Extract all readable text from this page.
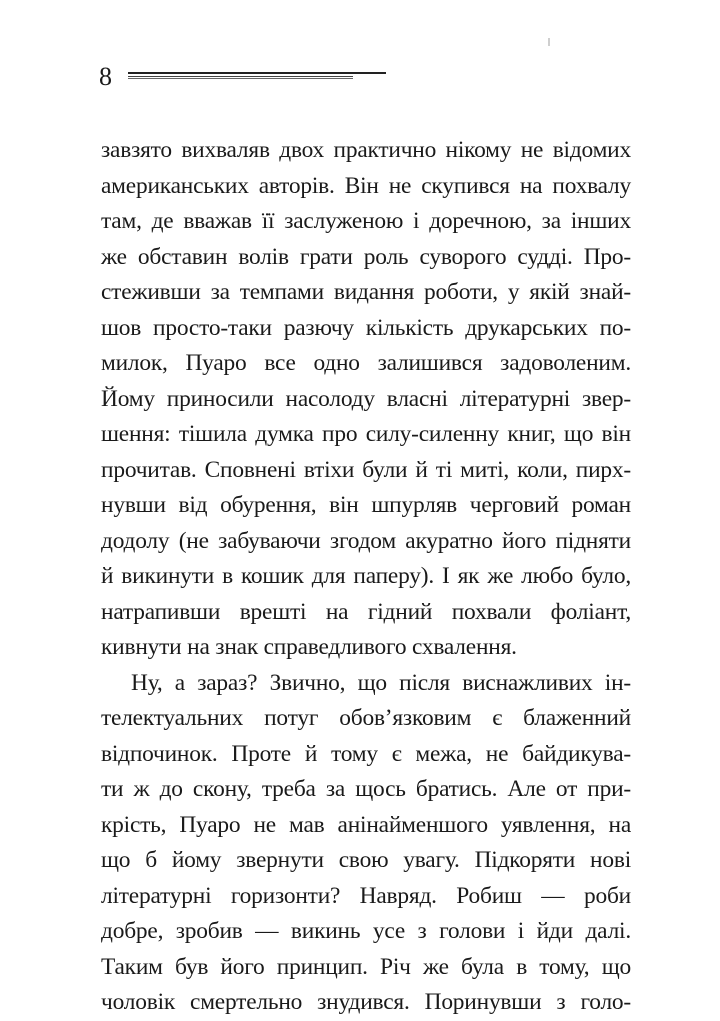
8
завзято вихваляв двох практично нікому не відомих
американських авторів. Він не скупився на похвалу
там, де вважав її заслуженою і доречною, за інших
же обставин волів грати роль суворого судді. Про-
стеживши за темпами видання роботи, у якій знай-
шов просто-таки разючу кількість друкарських по-
милок, Пуаро все одно залишився задоволеним.
Йому приносили насолоду власні літературні звер-
шення: тішила думка про силу-силенну книг, що він
прочитав. Сповнені втіхи були й ті миті, коли, пирх-
нувши від обурення, він шпурляв черговий роман
додолу (не забуваючи згодом акуратно його підняти
й викинути в кошик для паперу). І як же любо було,
натрапивши врешті на гідний похвали фоліант,
кивнути на знак справедливого схвалення.
Ну, а зараз? Звично, що після виснажливих ін-
телектуальних потуг обов’язковим є блаженний
відпочинок. Проте й тому є межа, не байдикува-
ти ж до скону, треба за щось братись. Але от при-
крість, Пуаро не мав анінайменшого уявлення, на
що б йому звернути свою увагу. Підкоряти нові
літературні горизонти? Навряд. Робиш — роби
добре, зробив — викинь усе з голови і йди далі.
Таким був його принцип. Річ же була в тому, що
чоловік смертельно знудився. Поринувши з голо-
